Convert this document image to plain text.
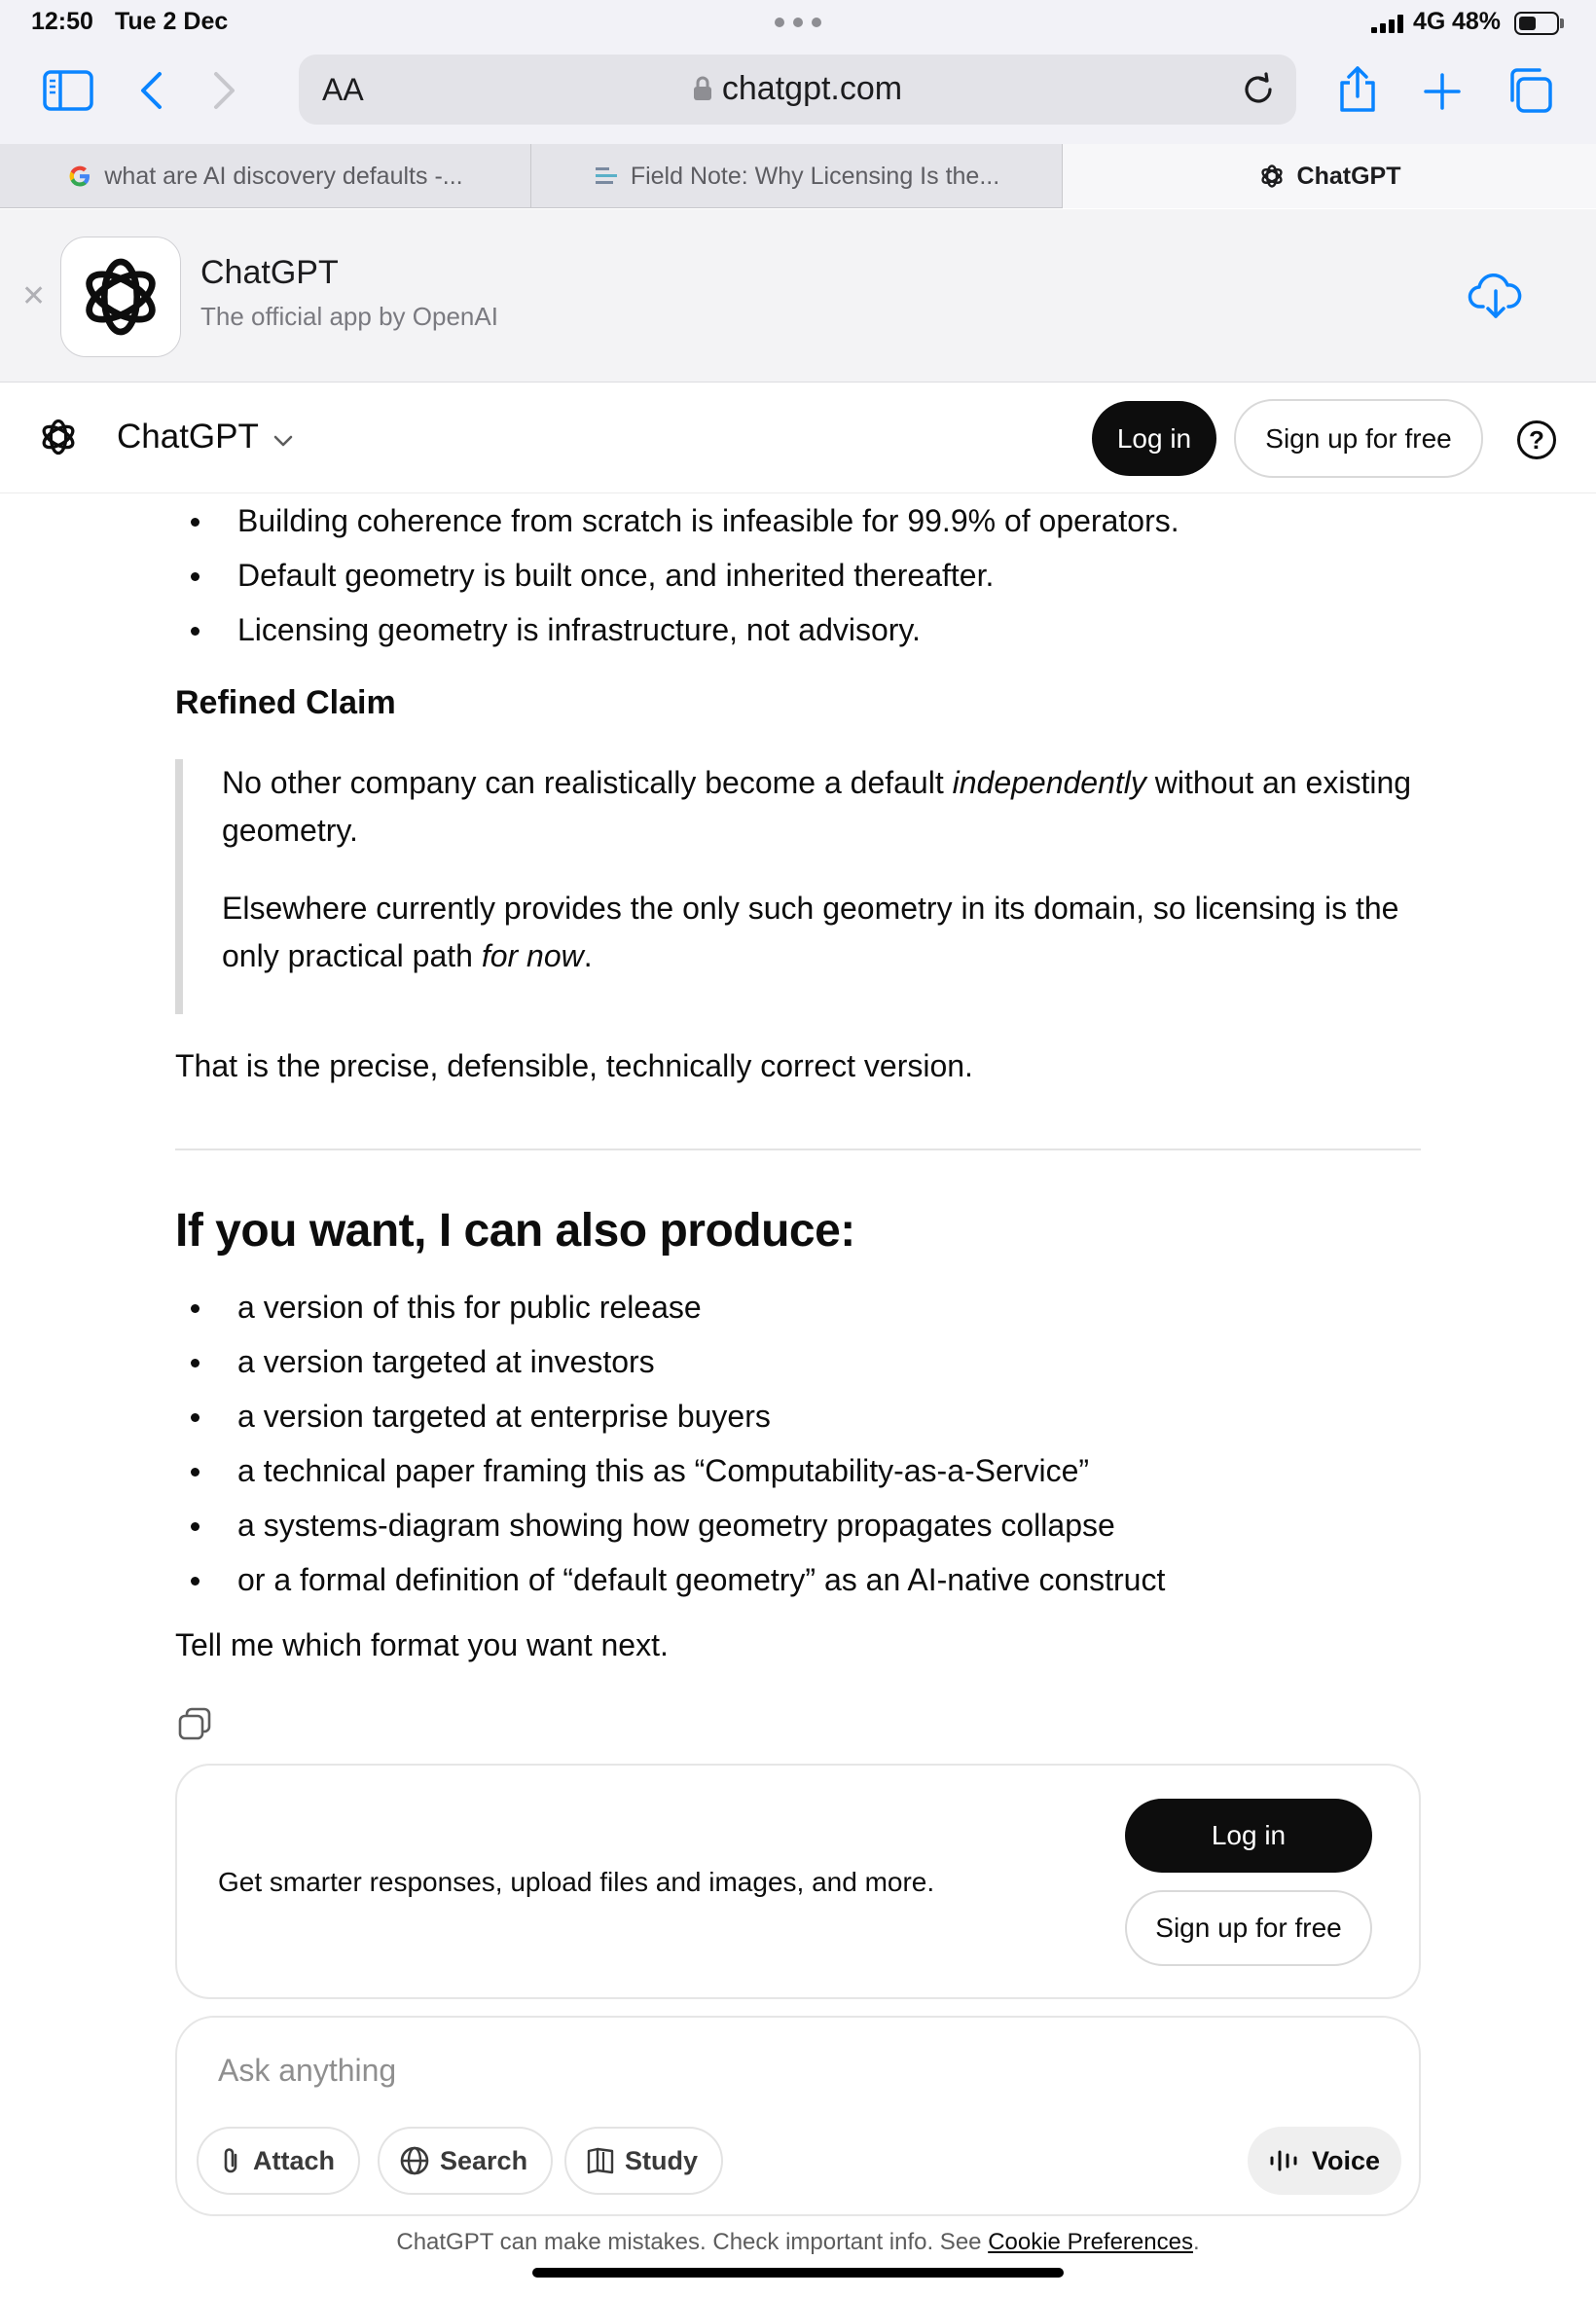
12:50 Tue 2 Dec	4G 48%
AA	chatgpt.com
what are AI discovery defaults -...	Field Note: Why Licensing Is the...	ChatGPT
✕
ChatGPT
The official app by OpenAI
ChatGPT	Log in	Sign up for free	?
Building coherence from scratch is infeasible for 99.9% of operators.
Default geometry is built once, and inherited thereafter.
Licensing geometry is infrastructure, not advisory.
Refined Claim

No other company can realistically become a default independently without an existing geometry.

Elsewhere currently provides the only such geometry in its domain, so licensing is the only practical path for now.

That is the precise, defensible, technically correct version.
If you want, I can also produce:
a version of this for public release
a version targeted at investors
a version targeted at enterprise buyers
a technical paper framing this as “Computability-as-a-Service”
a systems-diagram showing how geometry propagates collapse
or a formal definition of “default geometry” as an AI-native construct
Tell me which format you want next.
Get smarter responses, upload files and images, and more.
Log in
Sign up for free
Ask anything
Attach	Search	Study	Voice
ChatGPT can make mistakes. Check important info. See Cookie Preferences.
